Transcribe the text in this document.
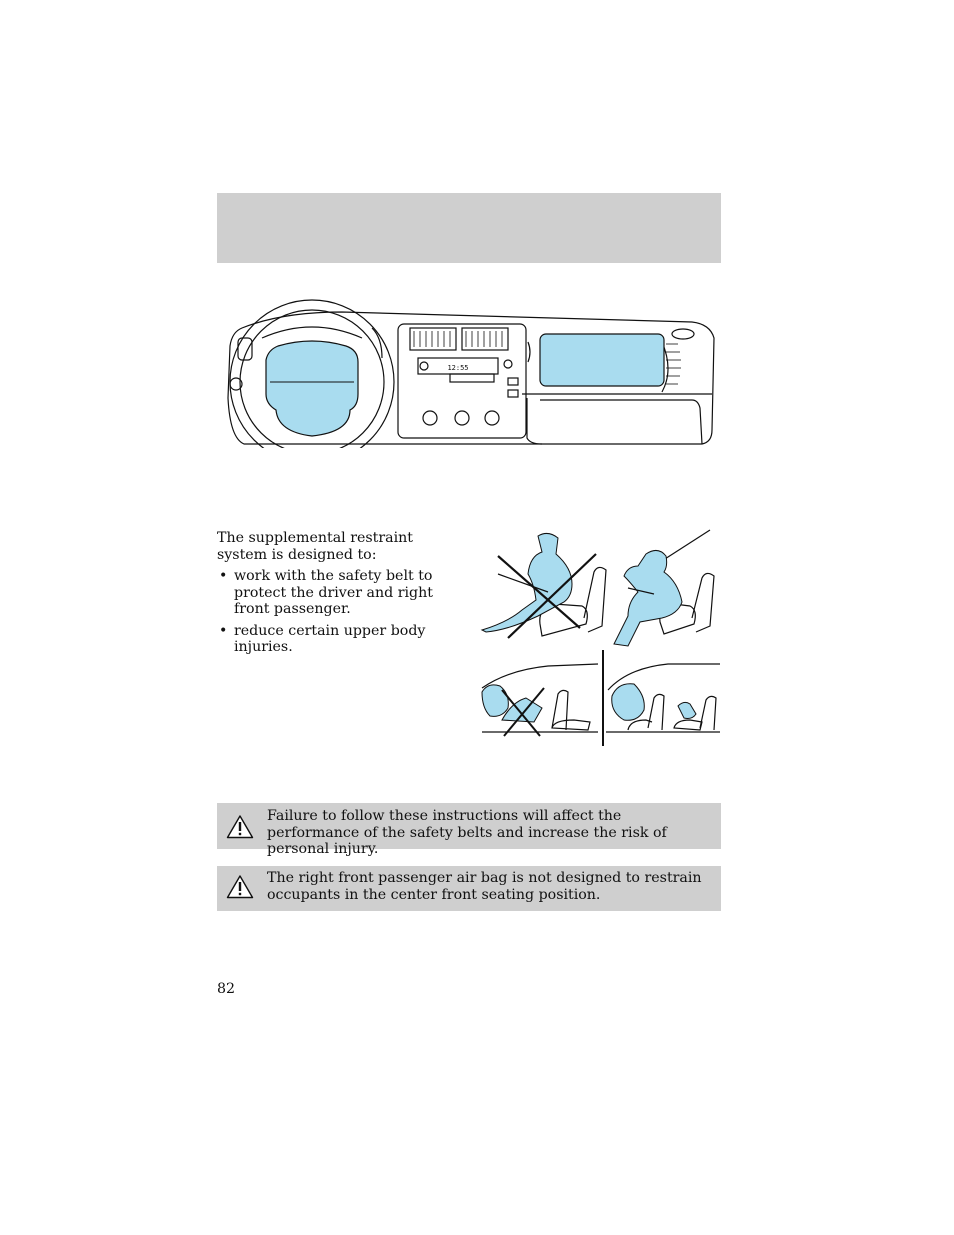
12:55

The supplemental restraint system is designed to:

• work with the safety belt to protect the driver and right front passenger.
• reduce certain upper body injuries.
Failure to follow these instructions will affect the performance of the safety belts and increase the risk of personal injury.
The right front passenger air bag is not designed to restrain occupants in the center front seating position.
82
